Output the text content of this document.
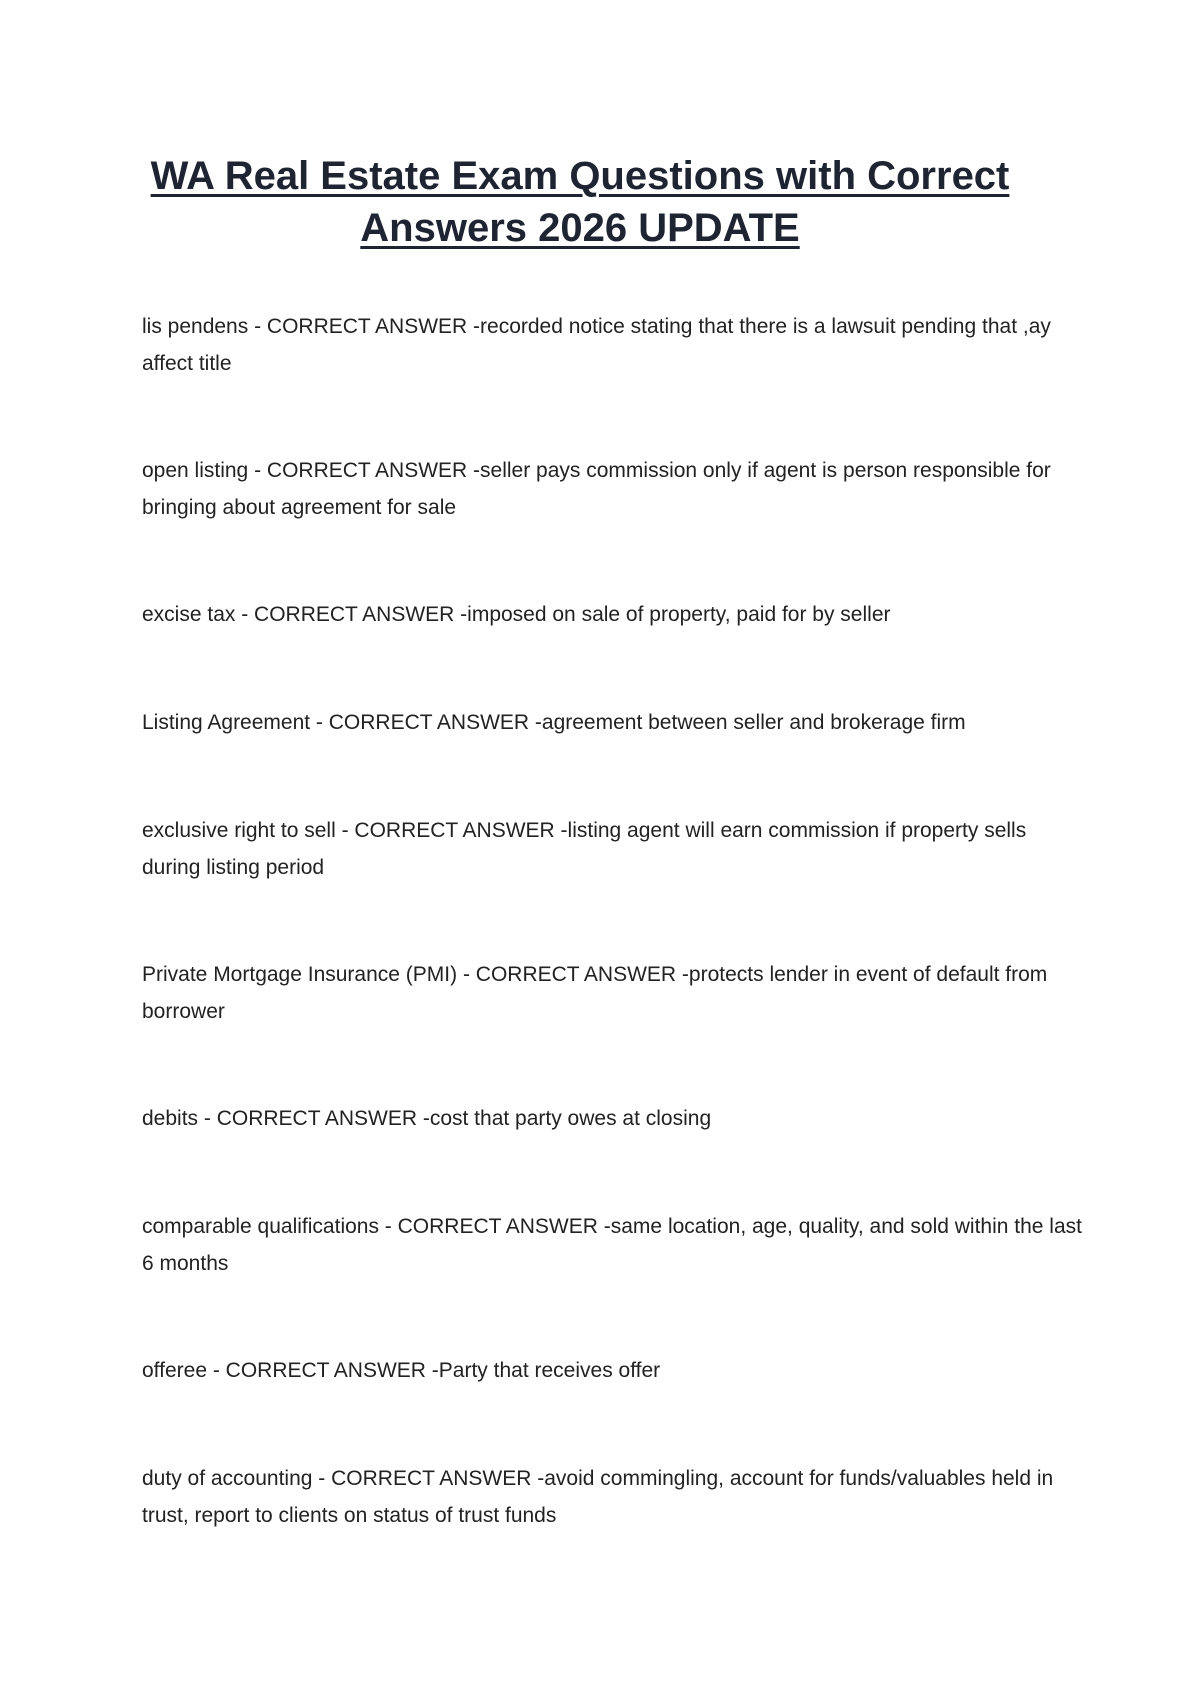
WA Real Estate Exam Questions with Correct
Answers 2026 UPDATE
lis pendens - CORRECT ANSWER -recorded notice stating that there is a lawsuit pending that ,ay affect title
open listing - CORRECT ANSWER -seller pays commission only if agent is person responsible for bringing about agreement for sale
excise tax - CORRECT ANSWER -imposed on sale of property, paid for by seller
Listing Agreement - CORRECT ANSWER -agreement between seller and brokerage firm
exclusive right to sell - CORRECT ANSWER -listing agent will earn commission if property sells during listing period
Private Mortgage Insurance (PMI) - CORRECT ANSWER -protects lender in event of default from borrower
debits - CORRECT ANSWER -cost that party owes at closing
comparable qualifications - CORRECT ANSWER -same location, age, quality, and sold within the last 6 months
offeree - CORRECT ANSWER -Party that receives offer
duty of accounting - CORRECT ANSWER -avoid commingling, account for funds/valuables held in trust, report to clients on status of trust funds
